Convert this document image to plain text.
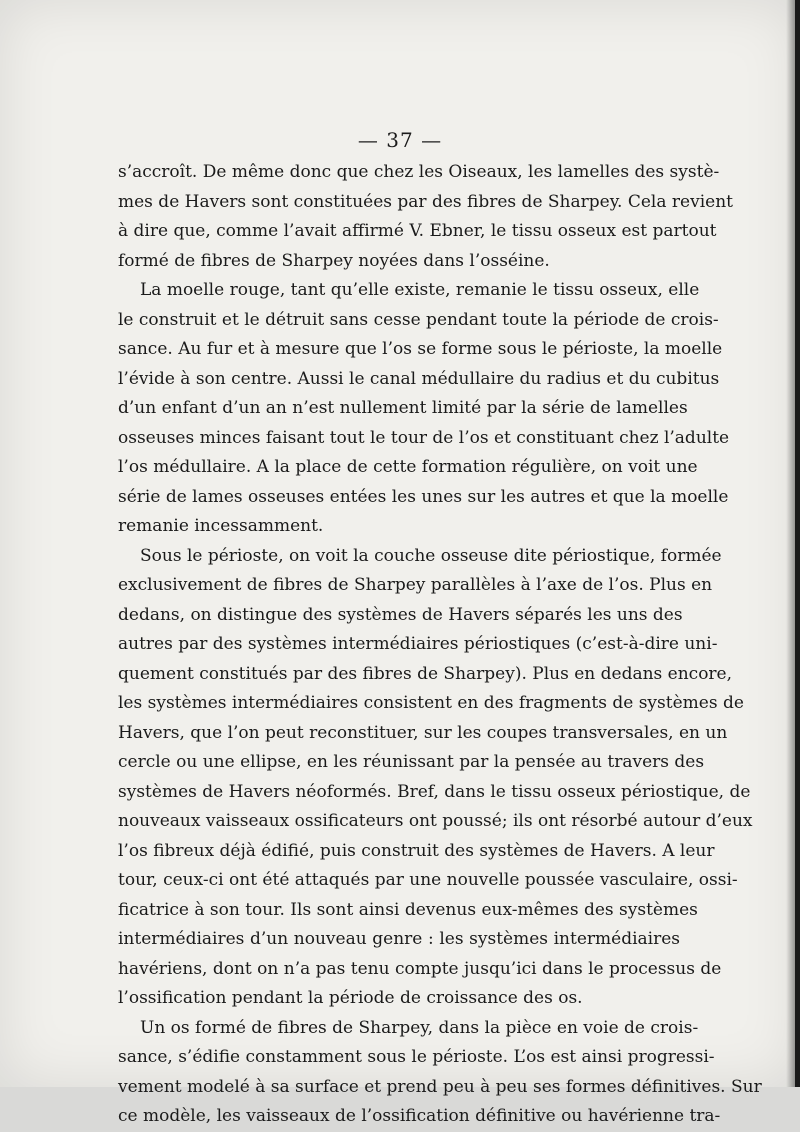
— 37 —
s’accroît. De même donc que chez les Oiseaux, les lamelles des systè-
mes de Havers sont constituées par des fibres de Sharpey. Cela revient
à dire que, comme l’avait affirmé V. Ebner, le tissu osseux est partout
formé de fibres de Sharpey noyées dans l’osséine.
La moelle rouge, tant qu’elle existe, remanie le tissu osseux, elle
le construit et le détruit sans cesse pendant toute la période de crois-
sance. Au fur et à mesure que l’os se forme sous le périoste, la moelle
l’évide à son centre. Aussi le canal médullaire du radius et du cubitus
d’un enfant d’un an n’est nullement limité par la série de lamelles
osseuses minces faisant tout le tour de l’os et constituant chez l’adulte
l’os médullaire. A la place de cette formation régulière, on voit une
série de lames osseuses entées les unes sur les autres et que la moelle
remanie incessamment.
Sous le périoste, on voit la couche osseuse dite périostique, formée
exclusivement de fibres de Sharpey parallèles à l’axe de l’os. Plus en
dedans, on distingue des systèmes de Havers séparés les uns des
autres par des systèmes intermédiaires périostiques (c’est-à-dire uni-
quement constitués par des fibres de Sharpey). Plus en dedans encore,
les systèmes intermédiaires consistent en des fragments de systèmes de
Havers, que l’on peut reconstituer, sur les coupes transversales, en un
cercle ou une ellipse, en les réunissant par la pensée au travers des
systèmes de Havers néoformés. Bref, dans le tissu osseux périostique, de
nouveaux vaisseaux ossificateurs ont poussé; ils ont résorbé autour d’eux
l’os fibreux déjà édifié, puis construit des systèmes de Havers. A leur
tour, ceux-ci ont été attaqués par une nouvelle poussée vasculaire, ossi-
ficatrice à son tour. Ils sont ainsi devenus eux-mêmes des systèmes
intermédiaires d’un nouveau genre : les systèmes intermédiaires
havériens, dont on n’a pas tenu compte jusqu’ici dans le processus de
l’ossification pendant la période de croissance des os.
Un os formé de fibres de Sharpey, dans la pièce en voie de crois-
sance, s’édifie constamment sous le périoste. L’os est ainsi progressi-
vement modelé à sa surface et prend peu à peu ses formes définitives. Sur
ce modèle, les vaisseaux de l’ossification définitive ou havérienne tra-
